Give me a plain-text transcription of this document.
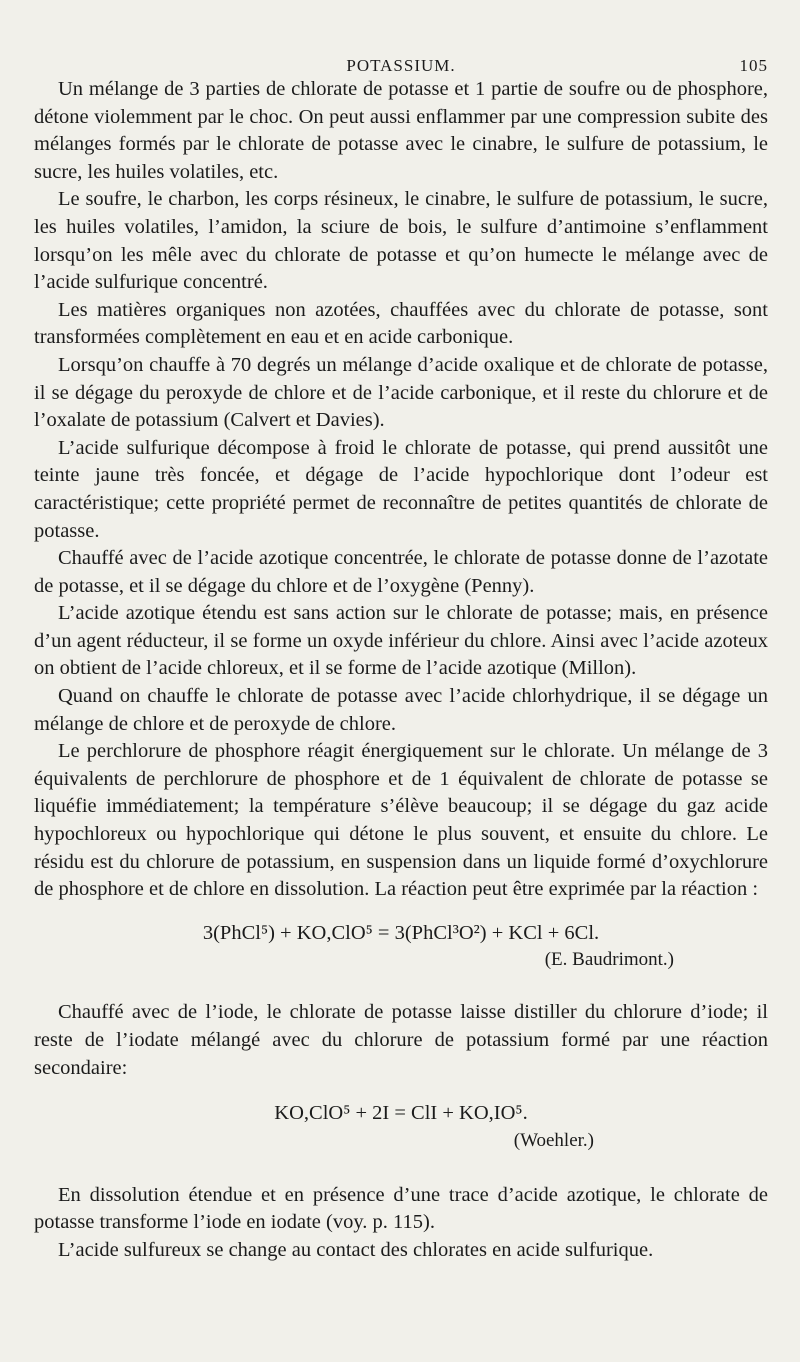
POTASSIUM.	105

Un mélange de 3 parties de chlorate de potasse et 1 partie de soufre ou de phosphore, détone violemment par le choc. On peut aussi enflammer par une compression subite des mélanges formés par le chlorate de potasse avec le cinabre, le sulfure de potassium, le sucre, les huiles volatiles, etc.

Le soufre, le charbon, les corps résineux, le cinabre, le sulfure de potassium, le sucre, les huiles volatiles, l’amidon, la sciure de bois, le sulfure d’antimoine s’enflamment lorsqu’on les mêle avec du chlorate de potasse et qu’on humecte le mélange avec de l’acide sulfurique concentré.

Les matières organiques non azotées, chauffées avec du chlorate de potasse, sont transformées complètement en eau et en acide carbonique.

Lorsqu’on chauffe à 70 degrés un mélange d’acide oxalique et de chlorate de potasse, il se dégage du peroxyde de chlore et de l’acide carbonique, et il reste du chlorure et de l’oxalate de potassium (Calvert et Davies).

L’acide sulfurique décompose à froid le chlorate de potasse, qui prend aussitôt une teinte jaune très foncée, et dégage de l’acide hypochlorique dont l’odeur est caractéristique; cette propriété permet de reconnaître de petites quantités de chlorate de potasse.

Chauffé avec de l’acide azotique concentrée, le chlorate de potasse donne de l’azotate de potasse, et il se dégage du chlore et de l’oxygène (Penny).

L’acide azotique étendu est sans action sur le chlorate de potasse; mais, en présence d’un agent réducteur, il se forme un oxyde inférieur du chlore. Ainsi avec l’acide azoteux on obtient de l’acide chloreux, et il se forme de l’acide azotique (Millon).

Quand on chauffe le chlorate de potasse avec l’acide chlorhydrique, il se dégage un mélange de chlore et de peroxyde de chlore.

Le perchlorure de phosphore réagit énergiquement sur le chlorate. Un mélange de 3 équivalents de perchlorure de phosphore et de 1 équivalent de chlorate de potasse se liquéfie immédiatement; la température s’élève beaucoup; il se dégage du gaz acide hypochloreux ou hypochlorique qui détone le plus souvent, et ensuite du chlore. Le résidu est du chlorure de potassium, en suspension dans un liquide formé d’oxychlorure de phosphore et de chlore en dissolution. La réaction peut être exprimée par la réaction :

3(PhCl⁵) + KO,ClO⁵ = 3(PhCl³O²) + KCl + 6Cl.
(E. Baudrimont.)

Chauffé avec de l’iode, le chlorate de potasse laisse distiller du chlorure d’iode; il reste de l’iodate mélangé avec du chlorure de potassium formé par une réaction secondaire:

KO,ClO⁵ + 2I = ClI + KO,IO⁵.
(Woehler.)

En dissolution étendue et en présence d’une trace d’acide azotique, le chlorate de potasse transforme l’iode en iodate (voy. p. 115).

L’acide sulfureux se change au contact des chlorates en acide sulfurique.
